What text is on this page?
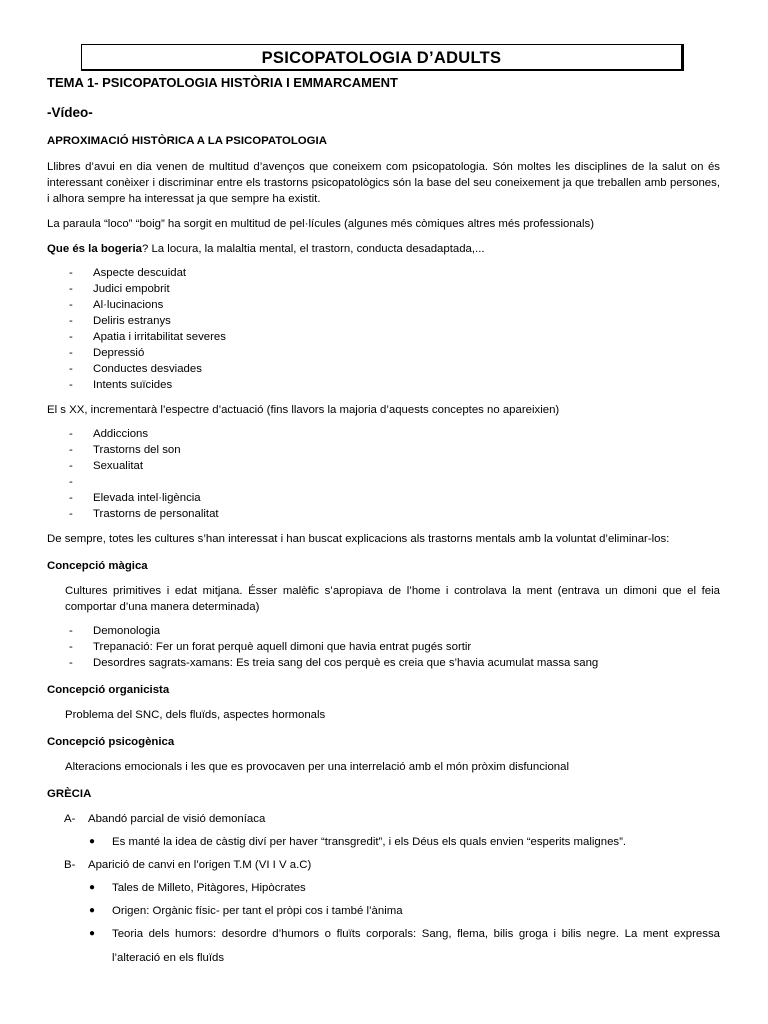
PSICOPATOLOGIA D’ADULTS

TEMA 1- PSICOPATOLOGIA HISTÒRIA I EMMARCAMENT

-Vídeo-

APROXIMACIÓ HISTÒRICA A LA PSICOPATOLOGIA

Llibres d’avui en dia venen de multitud d’avenços que coneixem com psicopatologia. Són moltes les disciplines de la salut on és interessant conèixer i discriminar entre els trastorns psicopatològics són la base del seu coneixement ja que treballen amb persones, i alhora sempre ha interessat ja que sempre ha existit.

La paraula “loco” “boig” ha sorgit en multitud de pel·lícules (algunes més còmiques altres més professionals)

Que és la bogeria? La locura, la malaltia mental, el trastorn, conducta desadaptada,...

- Aspecte descuidat
- Judici empobrit
- Al·lucinacions
- Deliris estranys
- Apatia i irritabilitat severes
- Depressió
- Conductes desviades
- Intents suïcides

El s XX, incrementarà l’espectre d’actuació (fins llavors la majoria d’aquests conceptes no apareixien)

- Addiccions
- Trastorns del son
- Sexualitat
-
- Elevada intel·ligència
- Trastorns de personalitat

De sempre, totes les cultures s’han interessat i han buscat explicacions als trastorns mentals amb la voluntat d’eliminar-los:

Concepció màgica

Cultures primitives i edat mitjana. Ésser malèfic s’apropiava de l’home i controlava la ment (entrava un dimoni que el feia comportar d’una manera determinada)

- Demonologia
- Trepanació: Fer un forat perquè aquell dimoni que havia entrat pugés sortir
- Desordres sagrats-xamans: Es treia sang del cos perquè es creia que s’havia acumulat massa sang

Concepció organicista

Problema del SNC, dels fluïds, aspectes hormonals

Concepció psicogènica

Alteracions emocionals i les que es provocaven per una interrelació amb el món pròxim disfuncional

GRÈCIA

A- Abandó parcial de visió demoníaca
● Es manté la idea de càstig diví per haver “transgredit”, i els Déus els quals envien “esperits malignes”.
B- Aparició de canvi en l’origen T.M (VI I V a.C)
● Tales de Milleto, Pitàgores, Hipòcrates
● Origen: Orgànic físic- per tant el pròpi cos i també l’ànima
● Teoria dels humors: desordre d’humors o fluïts corporals: Sang, flema, bilis groga i bilis negre. La ment expressa l’alteració en els fluïds
